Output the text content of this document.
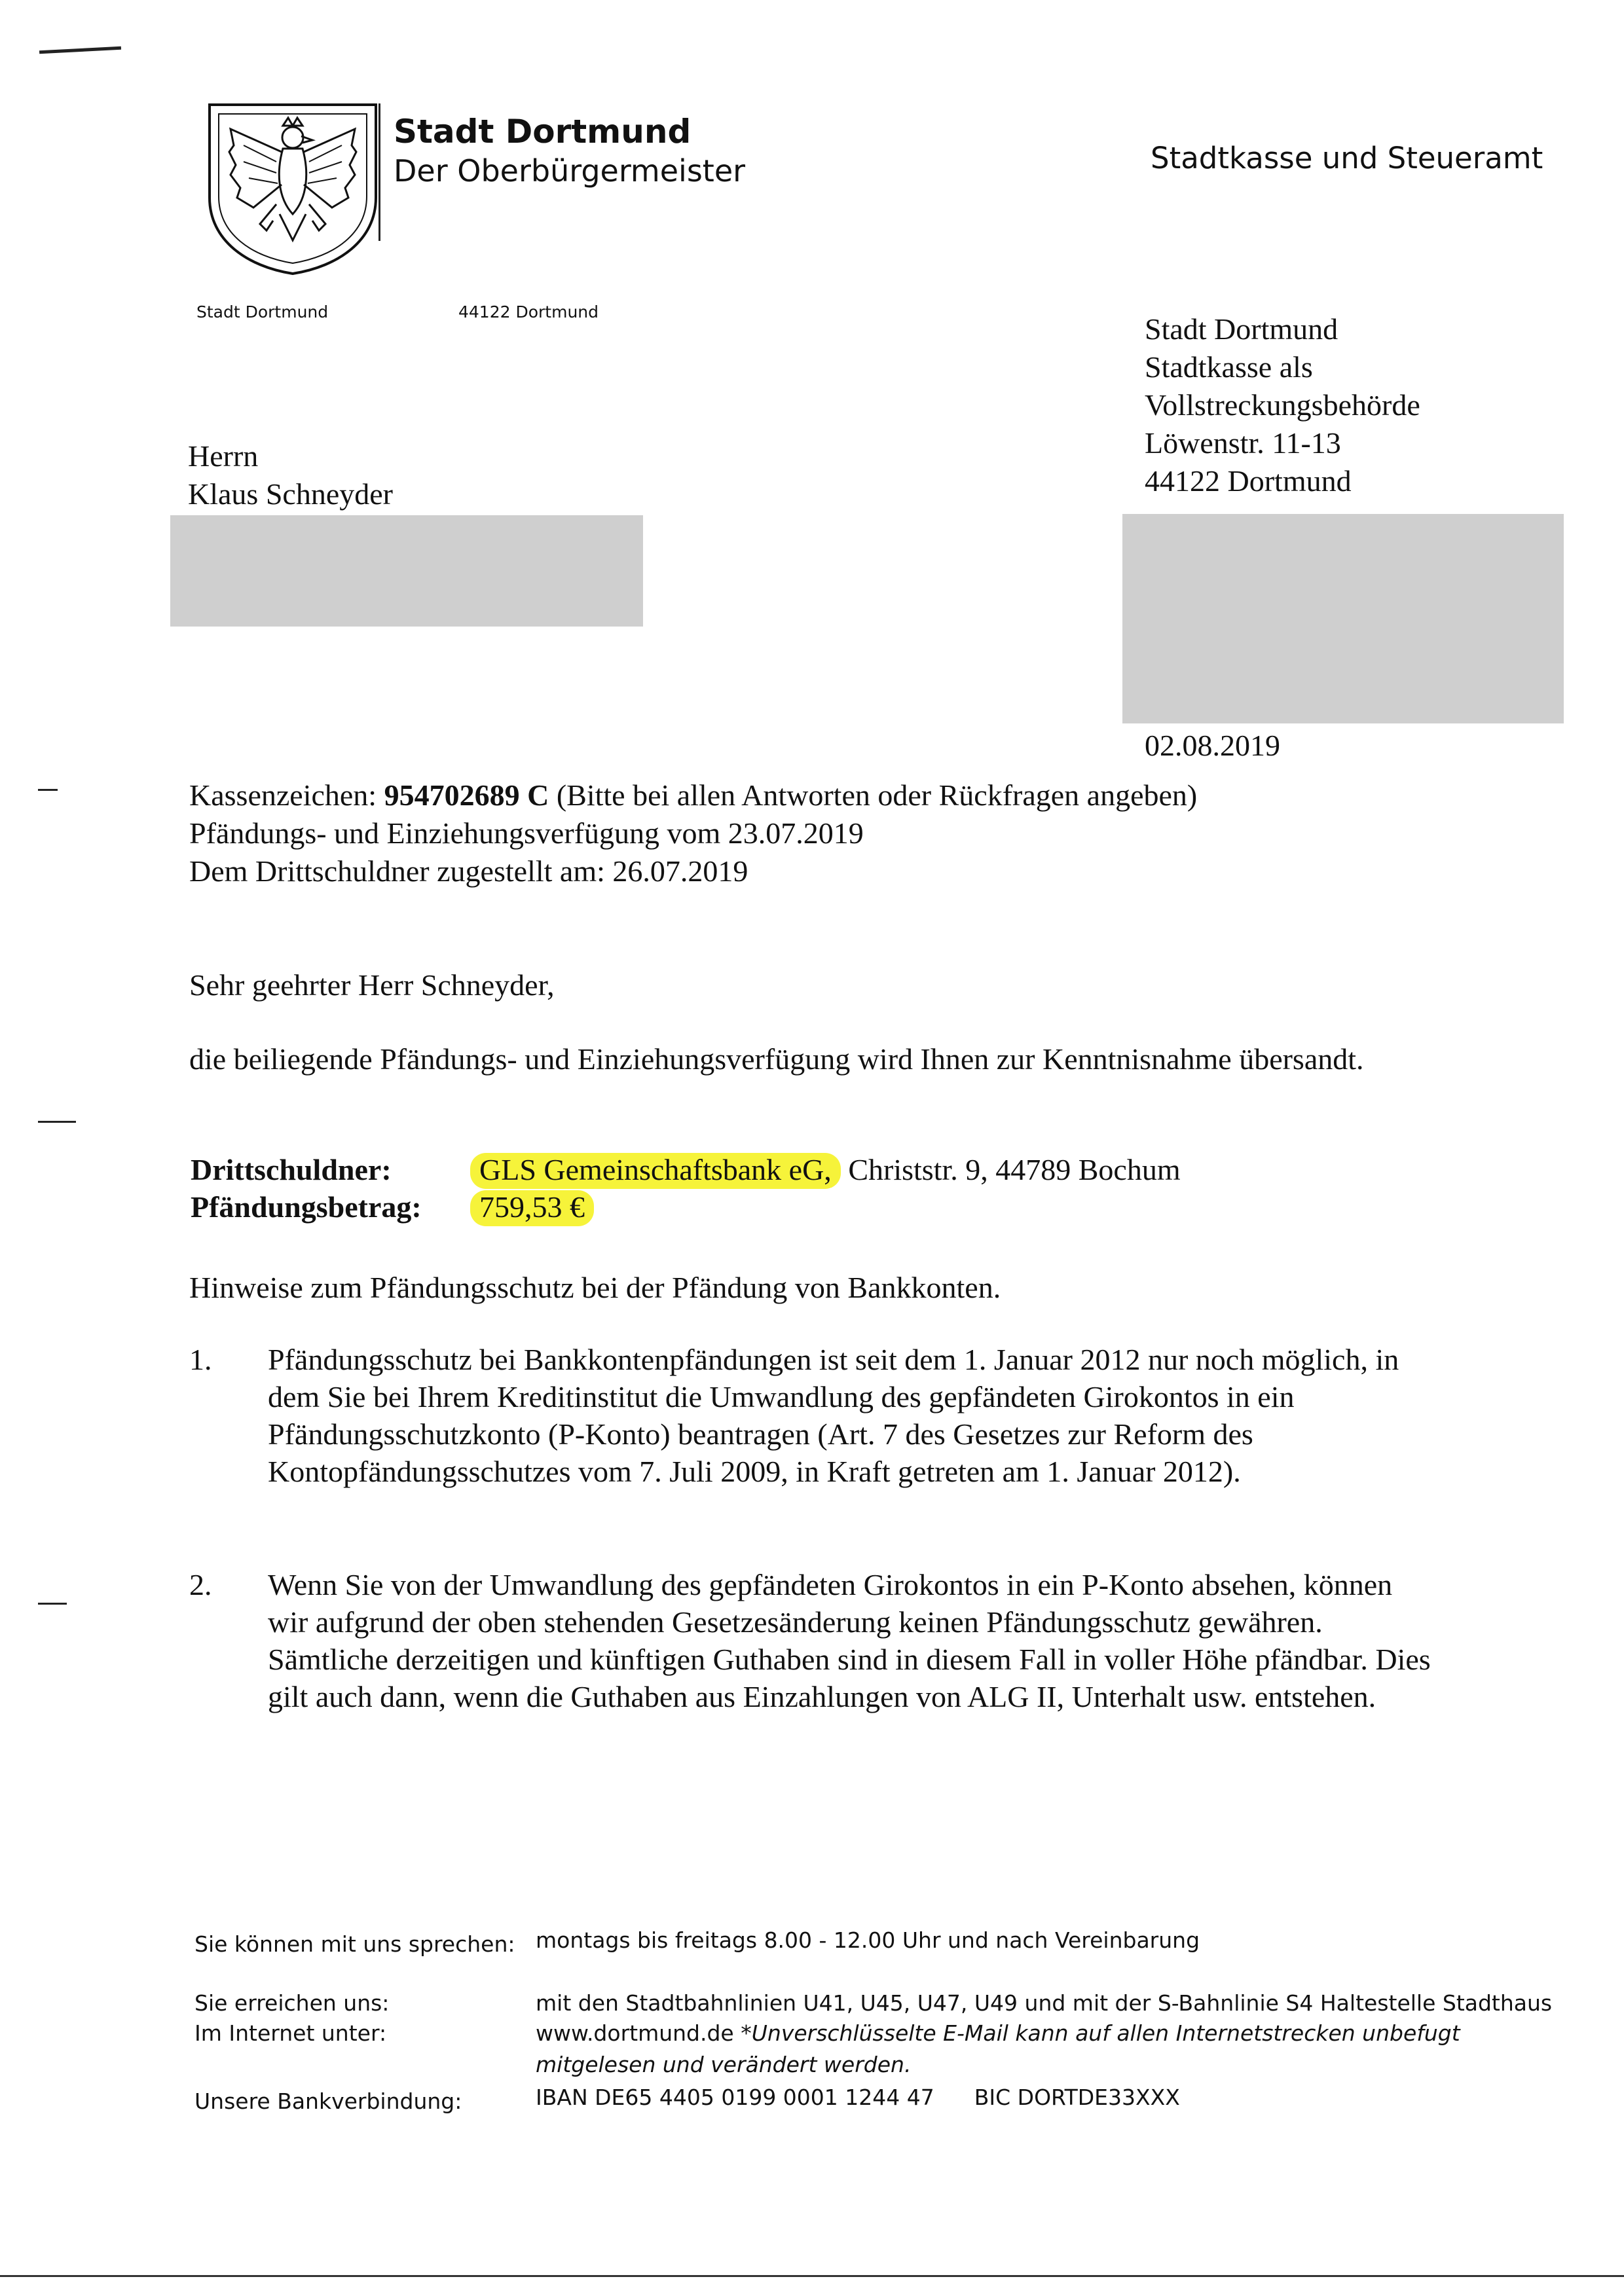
Stadt Dortmund
Der Oberbürgermeister	Stadtkasse und Steueramt
Stadt Dortmund	44122 Dortmund
Herrn
Klaus Schneyder
Stadt Dortmund
Stadtkasse als
Vollstreckungsbehörde
Löwenstr. 11-13
44122 Dortmund
02.08.2019
Kassenzeichen: 954702689 C (Bitte bei allen Antworten oder Rückfragen angeben)
Pfändungs- und Einziehungsverfügung vom 23.07.2019
Dem Drittschuldner zugestellt am: 26.07.2019
Sehr geehrter Herr Schneyder,
die beiliegende Pfändungs- und Einziehungsverfügung wird Ihnen zur Kenntnisnahme übersandt.
Drittschuldner:	GLS Gemeinschaftsbank eG, Christstr. 9, 44789 Bochum
Pfändungsbetrag: 759,53 €
Hinweise zum Pfändungsschutz bei der Pfändung von Bankkonten.
1. Pfändungsschutz bei Bankkontenpfändungen ist seit dem 1. Januar 2012 nur noch möglich, in dem Sie bei Ihrem Kreditinstitut die Umwandlung des gepfändeten Girokontos in ein Pfändungsschutzkonto (P-Konto) beantragen (Art. 7 des Gesetzes zur Reform des Kontopfändungsschutzes vom 7. Juli 2009, in Kraft getreten am 1. Januar 2012).
2. Wenn Sie von der Umwandlung des gepfändeten Girokontos in ein P-Konto absehen, können wir aufgrund der oben stehenden Gesetzesänderung keinen Pfändungsschutz gewähren. Sämtliche derzeitigen und künftigen Guthaben sind in diesem Fall in voller Höhe pfändbar. Dies gilt auch dann, wenn die Guthaben aus Einzahlungen von ALG II, Unterhalt usw. entstehen.
Sie können mit uns sprechen: montags bis freitags 8.00 - 12.00 Uhr und nach Vereinbarung
Sie erreichen uns:	mit den Stadtbahnlinien U41, U45, U47, U49 und mit der S-Bahnlinie S4 Haltestelle Stadthaus
Im Internet unter:	www.dortmund.de *Unverschlüsselte E-Mail kann auf allen Internetstrecken unbefugt mitgelesen und verändert werden.
Unsere Bankverbindung:	IBAN DE65 4405 0199 0001 1244 47 BIC DORTDE33XXX
